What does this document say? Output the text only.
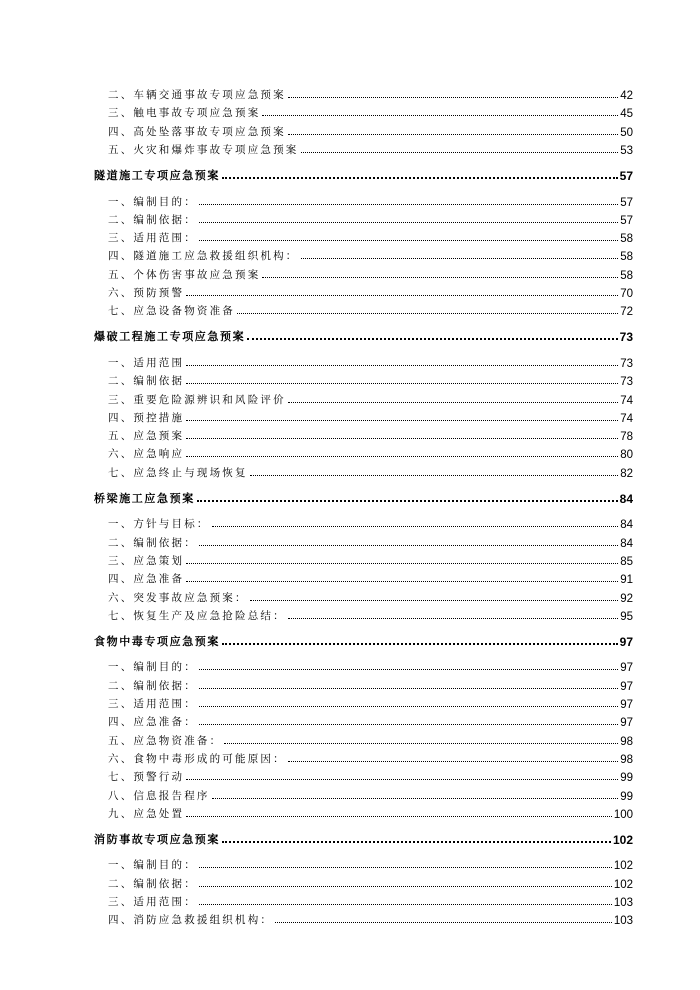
二、车辆交通事故专项应急预案	42
三、触电事故专项应急预案	45
四、高处坠落事故专项应急预案	50
五、火灾和爆炸事故专项应急预案	53
隧道施工专项应急预案	57
一、编制目的：	57
二、编制依据：	57
三、适用范围：	58
四、隧道施工应急救援组织机构：	58
五、个体伤害事故应急预案	58
六、预防预警	70
七、应急设备物资准备	72
爆破工程施工专项应急预案	73
一、适用范围	73
二、编制依据	73
三、重要危险源辨识和风险评价	74
四、预控措施	74
五、应急预案	78
六、应急响应	80
七、应急终止与现场恢复	82
桥梁施工应急预案	84
一、方针与目标：	84
二、编制依据：	84
三、应急策划	85
四、应急准备	91
六、突发事故应急预案：	92
七、恢复生产及应急抢险总结：	95
食物中毒专项应急预案	97
一、编制目的：	97
二、编制依据：	97
三、适用范围：	97
四、应急准备：	97
五、应急物资准备：	98
六、食物中毒形成的可能原因：	98
七、预警行动	99
八、信息报告程序	99
九、应急处置	100
消防事故专项应急预案	102
一、编制目的：	102
二、编制依据：	102
三、适用范围：	103
四、消防应急救援组织机构：	103
